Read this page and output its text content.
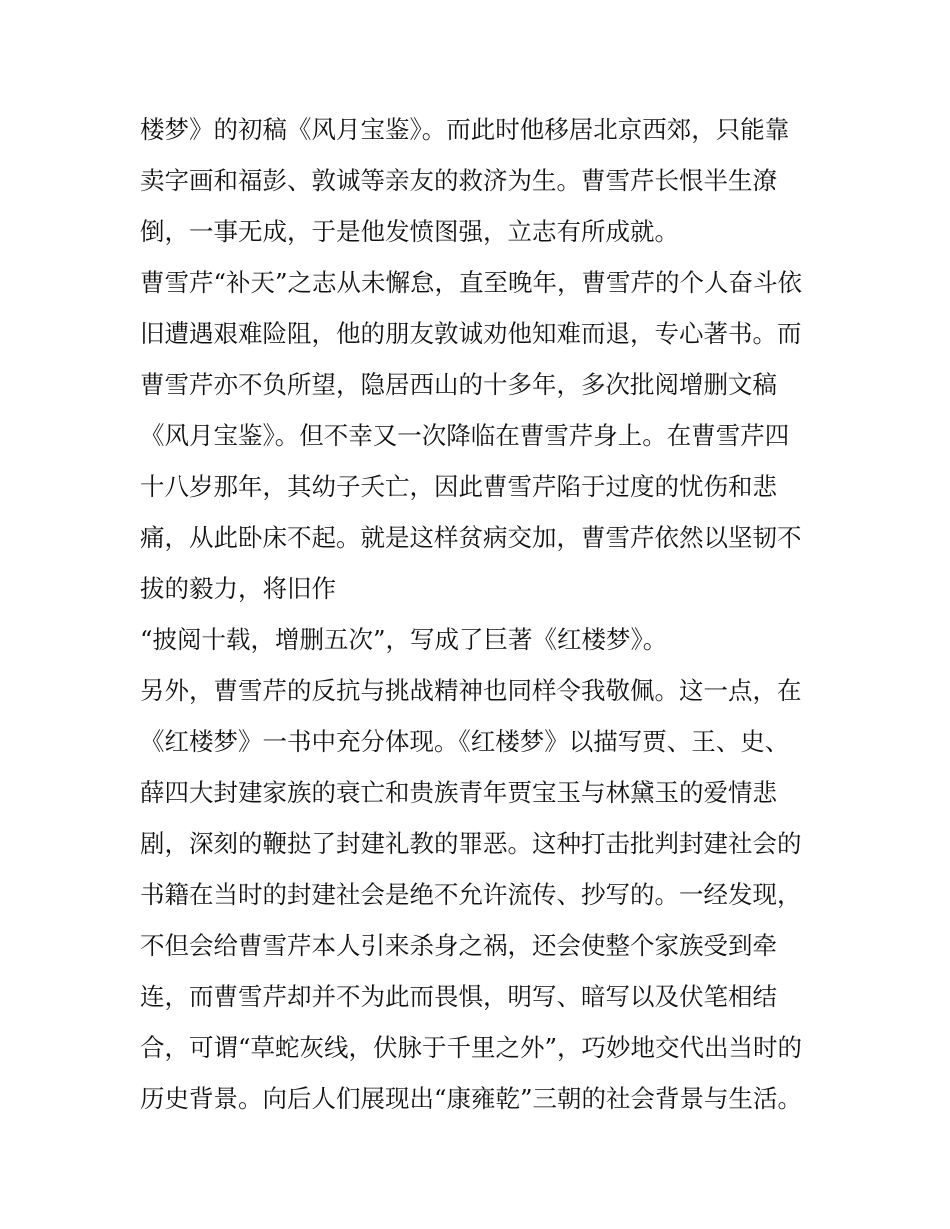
楼梦》的初稿《风月宝鉴》。而此时他移居北京西郊，只能靠
卖字画和福彭、敦诚等亲友的救济为生。曹雪芹长恨半生潦
倒，一事无成，于是他发愤图强，立志有所成就。
曹雪芹“补天”之志从未懈怠，直至晚年，曹雪芹的个人奋斗依
旧遭遇艰难险阻，他的朋友敦诚劝他知难而退，专心著书。而
曹雪芹亦不负所望，隐居西山的十多年，多次批阅增删文稿
《风月宝鉴》。但不幸又一次降临在曹雪芹身上。在曹雪芹四
十八岁那年，其幼子夭亡，因此曹雪芹陷于过度的忧伤和悲
痛，从此卧床不起。就是这样贫病交加，曹雪芹依然以坚韧不
拔的毅力，将旧作
“披阅十载，增删五次”，写成了巨著《红楼梦》。
另外，曹雪芹的反抗与挑战精神也同样令我敬佩。这一点，在
《红楼梦》一书中充分体现。《红楼梦》以描写贾、王、史、
薛四大封建家族的衰亡和贵族青年贾宝玉与林黛玉的爱情悲
剧，深刻的鞭挞了封建礼教的罪恶。这种打击批判封建社会的
书籍在当时的封建社会是绝不允许流传、抄写的。一经发现，
不但会给曹雪芹本人引来杀身之祸，还会使整个家族受到牵
连，而曹雪芹却并不为此而畏惧，明写、暗写以及伏笔相结
合，可谓“草蛇灰线，伏脉于千里之外”，巧妙地交代出当时的
历史背景。向后人们展现出“康雍乾”三朝的社会背景与生活。
